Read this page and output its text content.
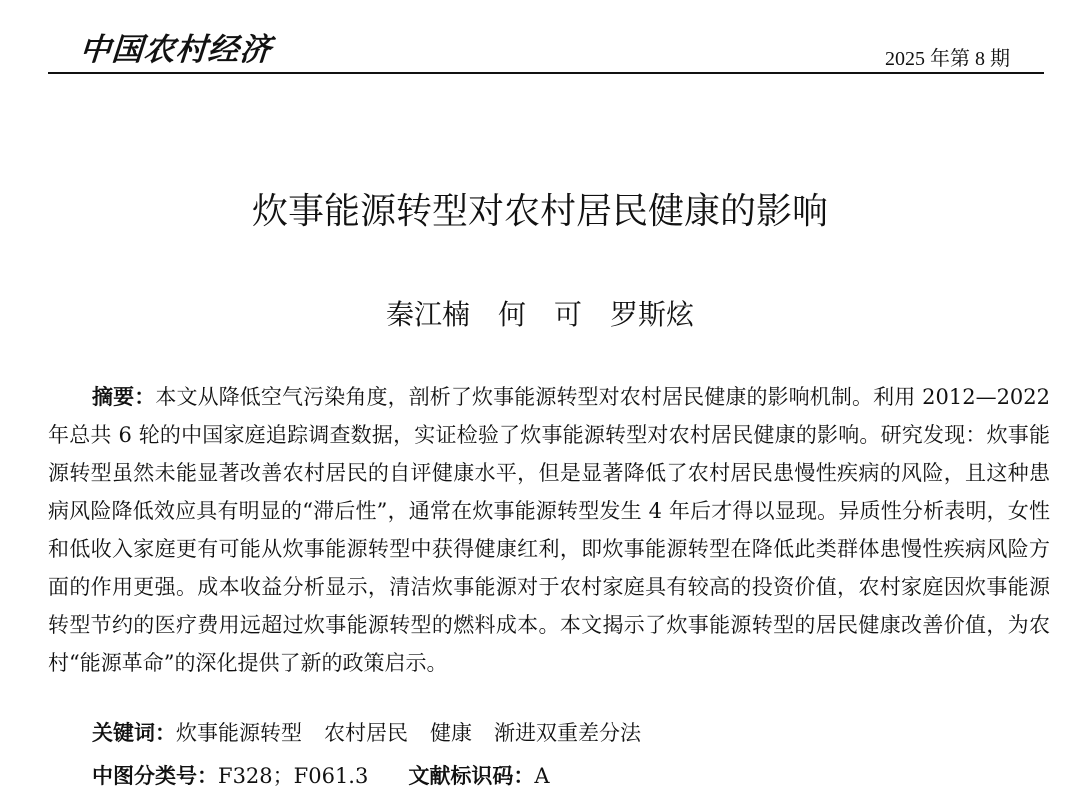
中国农村经济	2025 年第 8 期
炊事能源转型对农村居民健康的影响
秦江楠　何　可　罗斯炫

摘要：本文从降低空气污染角度，剖析了炊事能源转型对农村居民健康的影响机制。利用 2012—2022 年总共 6 轮的中国家庭追踪调查数据，实证检验了炊事能源转型对农村居民健康的影响。研究发现：炊事能源转型虽然未能显著改善农村居民的自评健康水平，但是显著降低了农村居民患慢性疾病的风险，且这种患病风险降低效应具有明显的“滞后性”，通常在炊事能源转型发生 4 年后才得以显现。异质性分析表明，女性和低收入家庭更有可能从炊事能源转型中获得健康红利，即炊事能源转型在降低此类群体患慢性疾病风险方面的作用更强。成本收益分析显示，清洁炊事能源对于农村家庭具有较高的投资价值，农村家庭因炊事能源转型节约的医疗费用远超过炊事能源转型的燃料成本。本文揭示了炊事能源转型的居民健康改善价值，为农村“能源革命”的深化提供了新的政策启示。

关键词：炊事能源转型 农村居民 健康 渐进双重差分法
中图分类号：F328；F061.3 文献标识码：A
